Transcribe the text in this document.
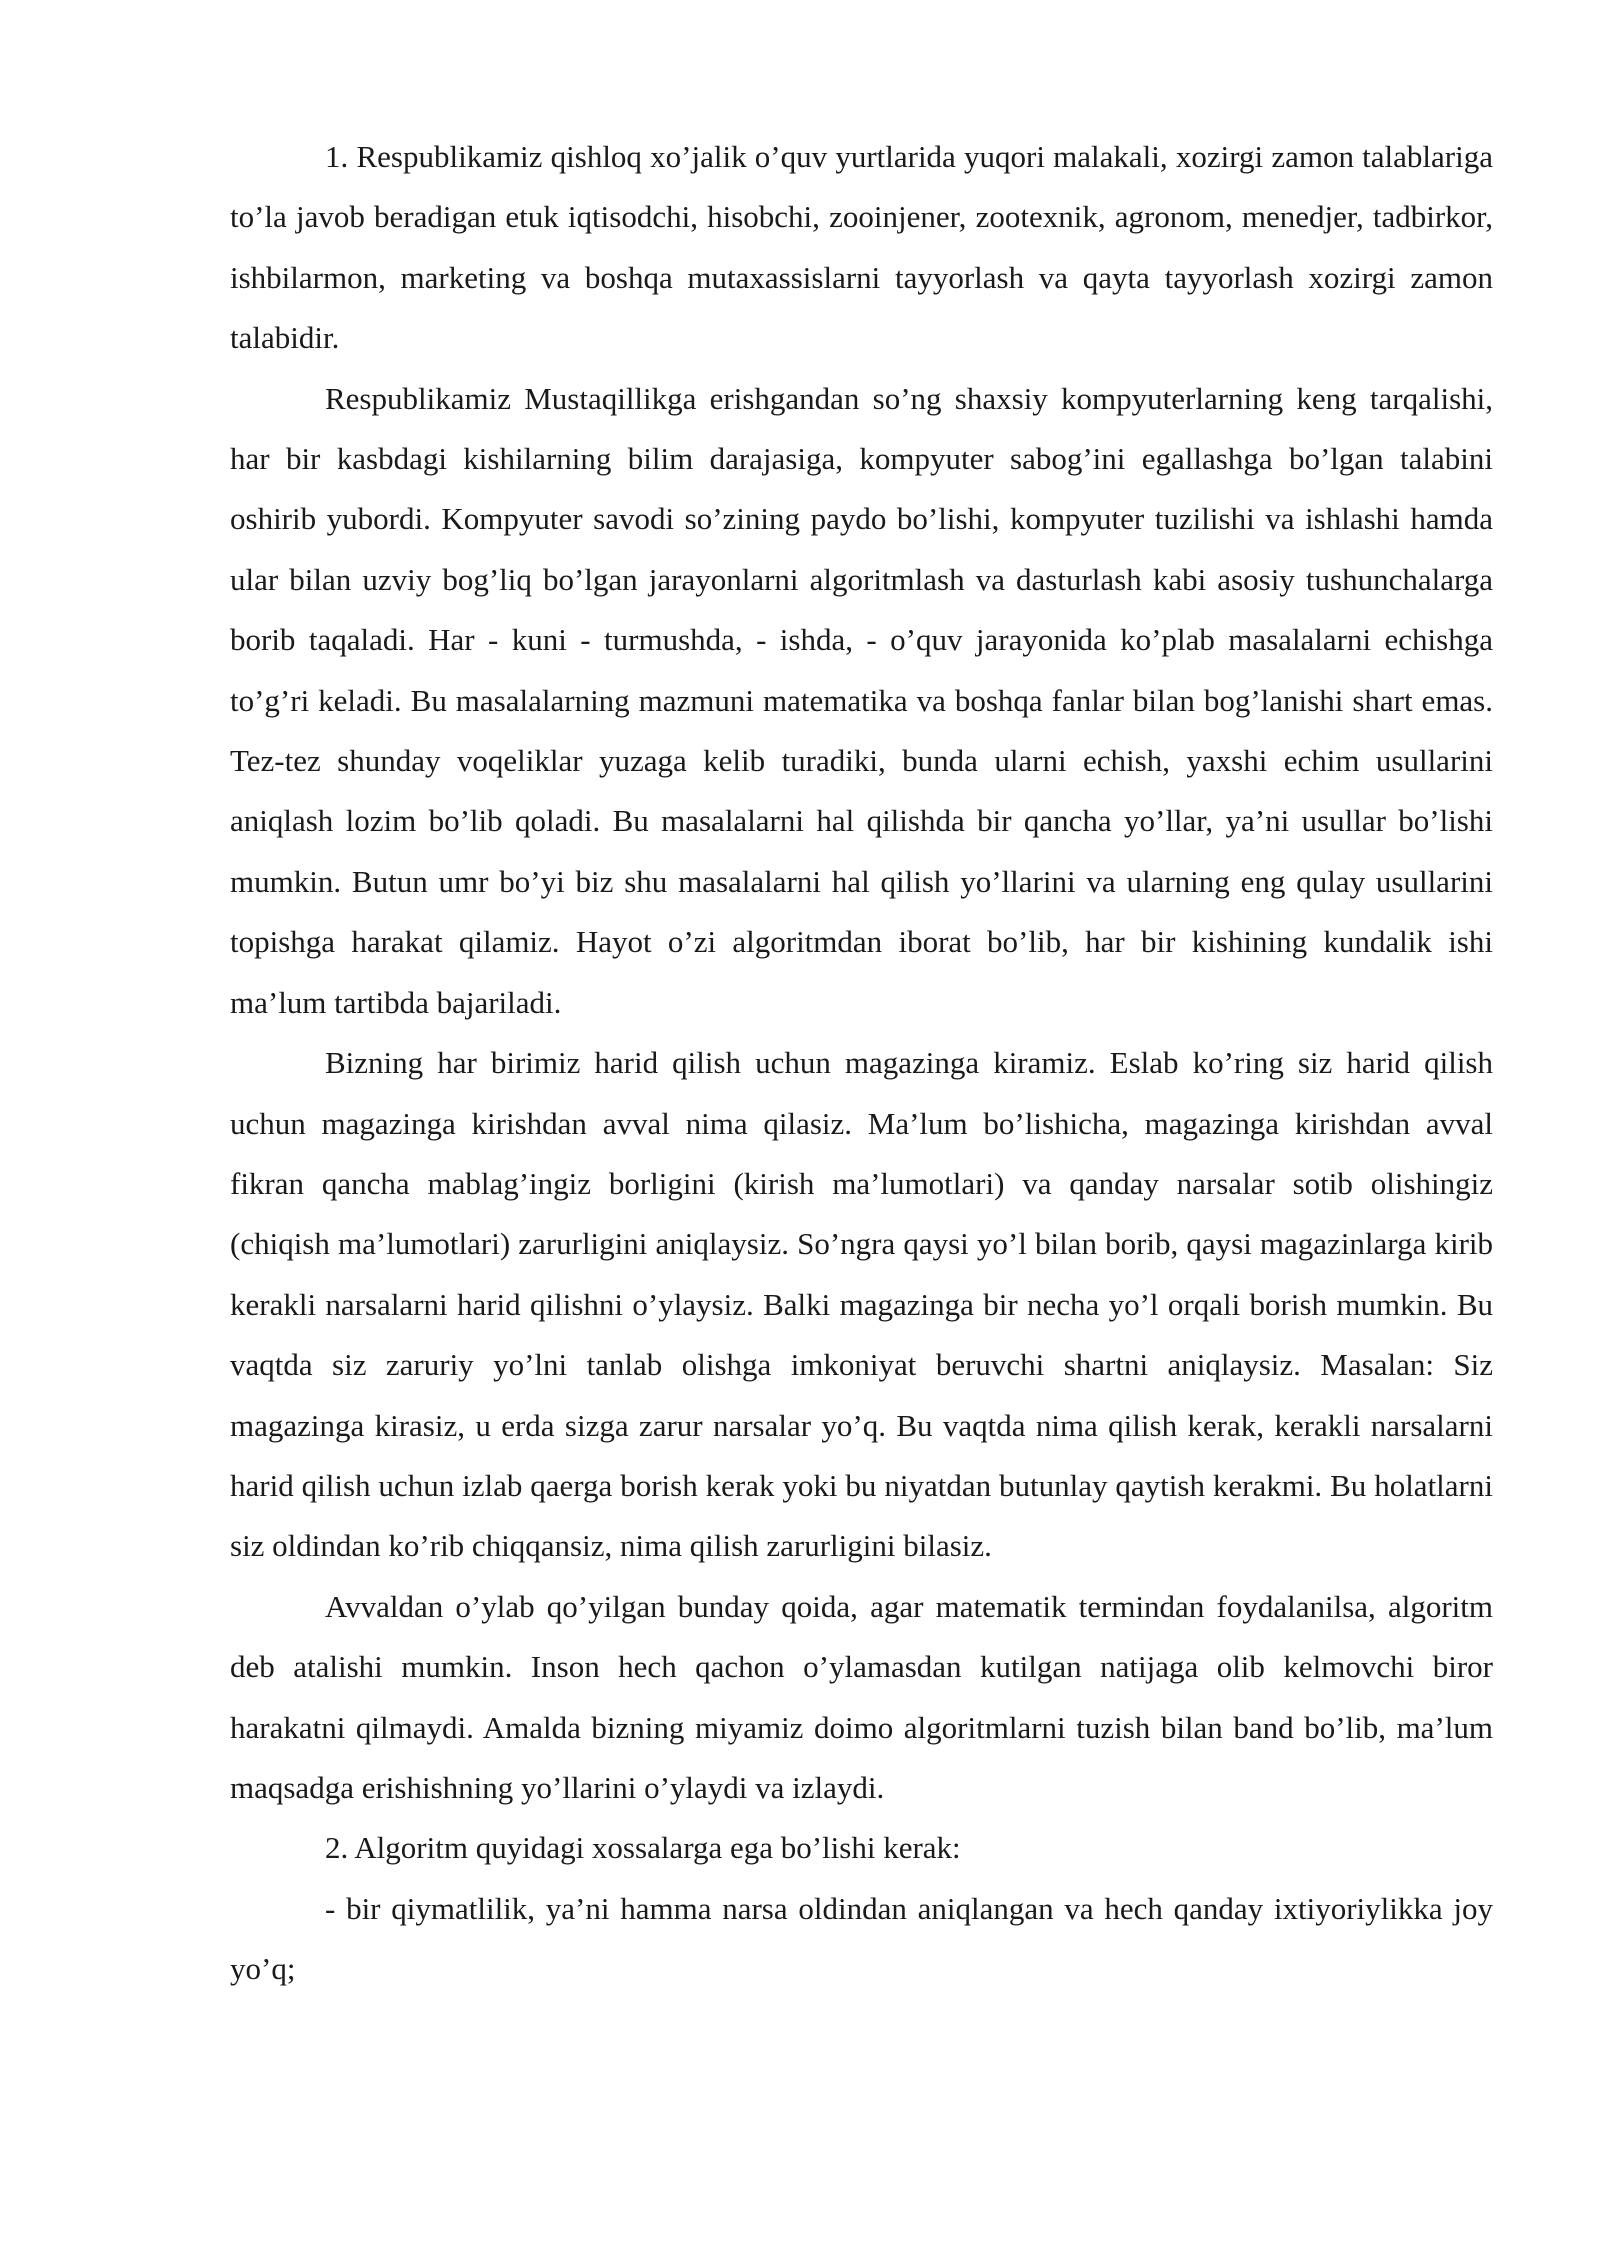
1. Respublikamiz qishloq xo’jalik o’quv yurtlarida yuqori malakali, xozirgi zamon talablariga to’la javob beradigan etuk iqtisodchi, hisobchi, zooinjener, zootexnik, agronom, menedjer, tadbirkor, ishbilarmon, marketing va boshqa mutaxassislarni tayyorlash va qayta tayyorlash xozirgi zamon talabidir.

Respublikamiz Mustaqillikga erishgandan so’ng shaxsiy kompyuterlarning keng tarqalishi, har bir kasbdagi kishilarning bilim darajasiga, kompyuter sabog’ini egallashga bo’lgan talabini oshirib yubordi. Kompyuter savodi so’zining paydo bo’lishi, kompyuter tuzilishi va ishlashi hamda ular bilan uzviy bog’liq bo’lgan jarayonlarni algoritmlash va dasturlash kabi asosiy tushunchalarga borib taqaladi. Har - kuni - turmushda, - ishda, - o’quv jarayonida ko’plab masalalarni echishga to’g’ri keladi. Bu masalalarning mazmuni matematika va boshqa fanlar bilan bog’lanishi shart emas. Tez-tez shunday voqeliklar yuzaga kelib turadiki, bunda ularni echish, yaxshi echim usullarini aniqlash lozim bo’lib qoladi. Bu masalalarni hal qilishda bir qancha yo’llar, ya’ni usullar bo’lishi mumkin. Butun umr bo’yi biz shu masalalarni hal qilish yo’llarini va ularning eng qulay usullarini topishga harakat qilamiz. Hayot o’zi algoritmdan iborat bo’lib, har bir kishining kundalik ishi ma’lum tartibda bajariladi.

Bizning har birimiz harid qilish uchun magazinga kiramiz. Eslab ko’ring siz harid qilish uchun magazinga kirishdan avval nima qilasiz. Ma’lum bo’lishicha, magazinga kirishdan avval fikran qancha mablag’ingiz borligini (kirish ma’lumotlari) va qanday narsalar sotib olishingiz (chiqish ma’lumotlari) zarurligini aniqlaysiz. So’ngra qaysi yo’l bilan borib, qaysi magazinlarga kirib kerakli narsalarni harid qilishni o’ylaysiz. Balki magazinga bir necha yo’l orqali borish mumkin. Bu vaqtda siz zaruriy yo’lni tanlab olishga imkoniyat beruvchi shartni aniqlaysiz. Masalan: Siz magazinga kirasiz, u erda sizga zarur narsalar yo’q. Bu vaqtda nima qilish kerak, kerakli narsalarni harid qilish uchun izlab qaerga borish kerak yoki bu niyatdan butunlay qaytish kerakmi. Bu holatlarni siz oldindan ko’rib chiqqansiz, nima qilish zarurligini bilasiz.

Avvaldan o’ylab qo’yilgan bunday qoida, agar matematik termindan foydalanilsa, algoritm deb atalishi mumkin. Inson hech qachon o’ylamasdan kutilgan natijaga olib kelmovchi biror harakatni qilmaydi. Amalda bizning miyamiz doimo algoritmlarni tuzish bilan band bo’lib, ma’lum maqsadga erishishning yo’llarini o’ylaydi va izlaydi.

2. Algoritm quyidagi xossalarga ega bo’lishi kerak:

- bir qiymatlilik, ya’ni hamma narsa oldindan aniqlangan va hech qanday ixtiyoriylikka joy yo’q;
